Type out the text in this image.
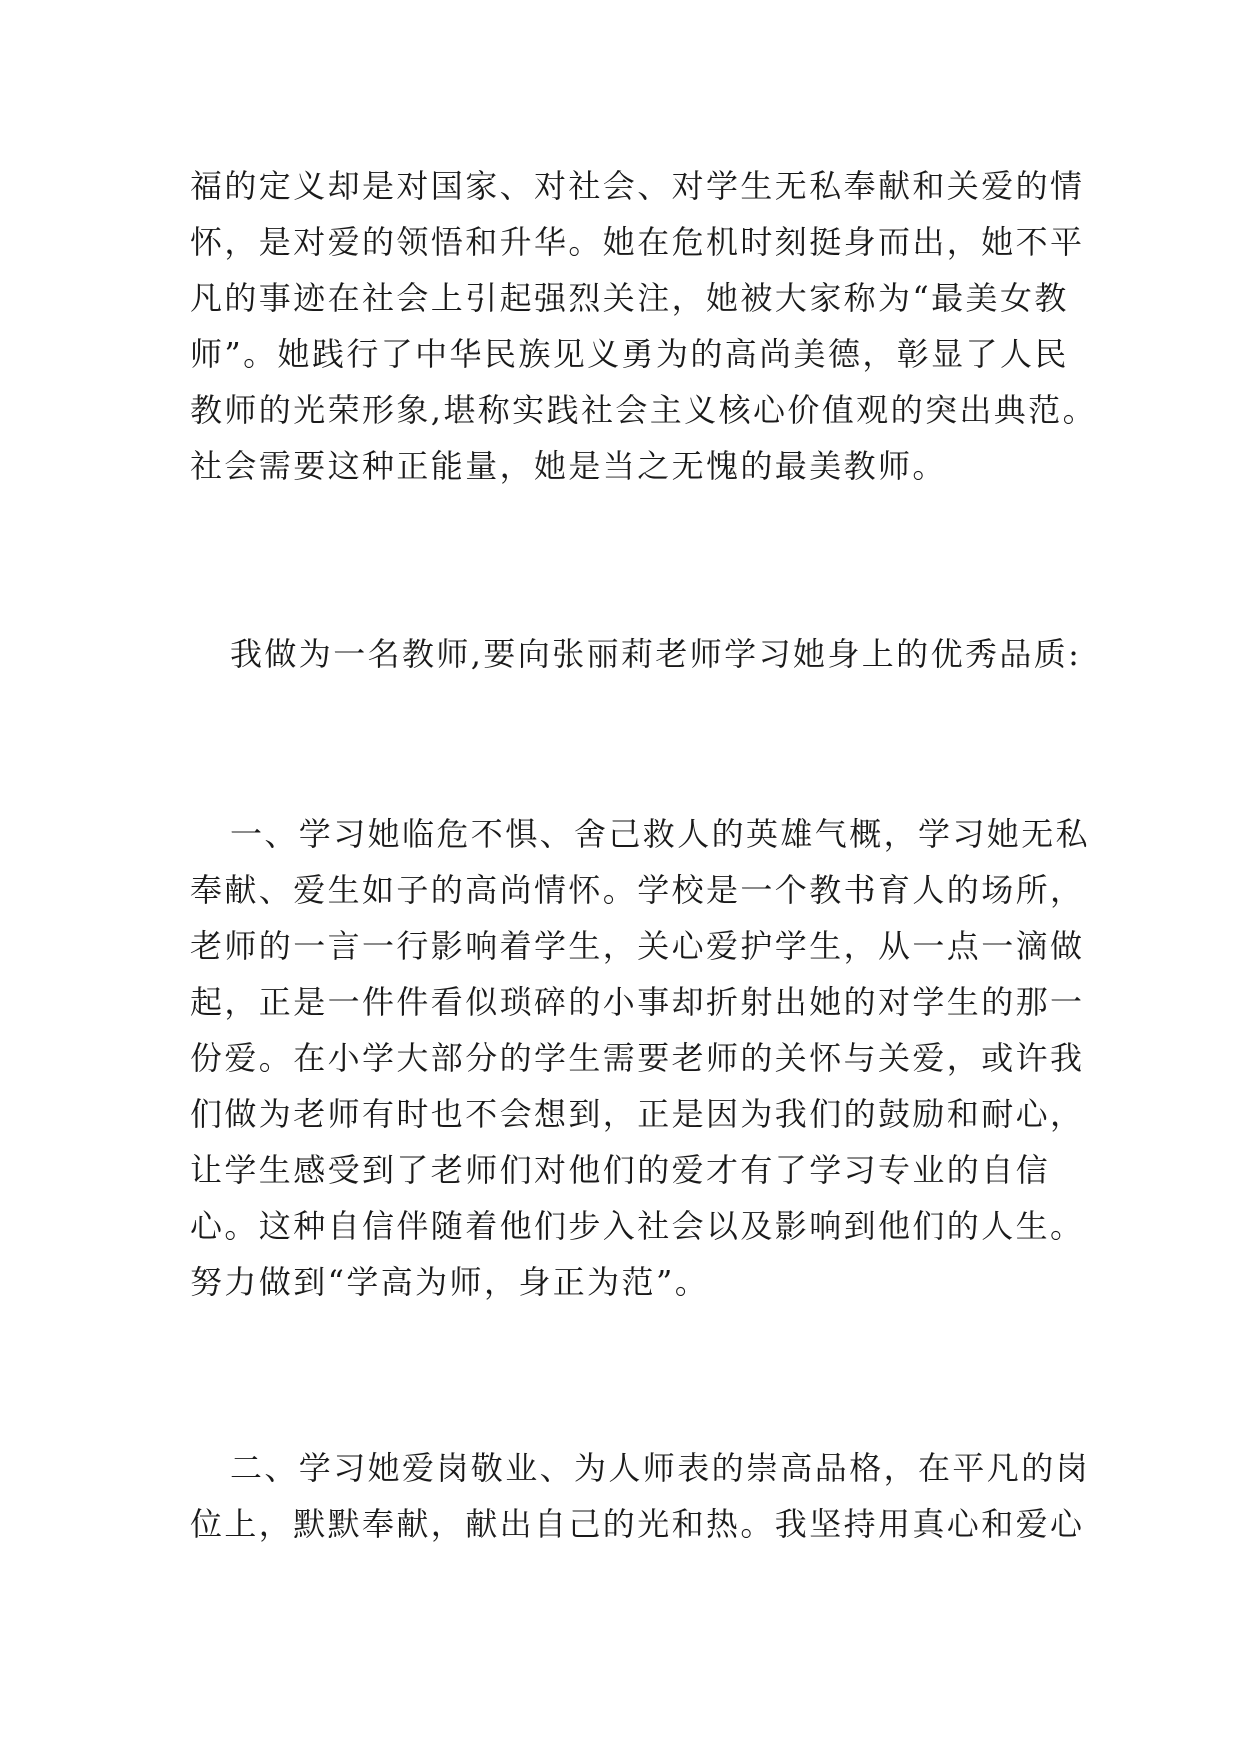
福的定义却是对国家、对社会、对学生无私奉献和关爱的情
怀，是对爱的领悟和升华。她在危机时刻挺身而出，她不平
凡的事迹在社会上引起强烈关注，她被大家称为“最美女教
师”。她践行了中华民族见义勇为的高尚美德，彰显了人民
教师的光荣形象,堪称实践社会主义核心价值观的突出典范。
社会需要这种正能量，她是当之无愧的最美教师。
我做为一名教师,要向张丽莉老师学习她身上的优秀品质:
一、学习她临危不惧、舍己救人的英雄气概，学习她无私
奉献、爱生如子的高尚情怀。学校是一个教书育人的场所，
老师的一言一行影响着学生，关心爱护学生，从一点一滴做
起，正是一件件看似琐碎的小事却折射出她的对学生的那一
份爱。在小学大部分的学生需要老师的关怀与关爱，或许我
们做为老师有时也不会想到，正是因为我们的鼓励和耐心，
让学生感受到了老师们对他们的爱才有了学习专业的自信
心。这种自信伴随着他们步入社会以及影响到他们的人生。
努力做到“学高为师，身正为范”。
二、学习她爱岗敬业、为人师表的崇高品格，在平凡的岗
位上，默默奉献，献出自己的光和热。我坚持用真心和爱心
